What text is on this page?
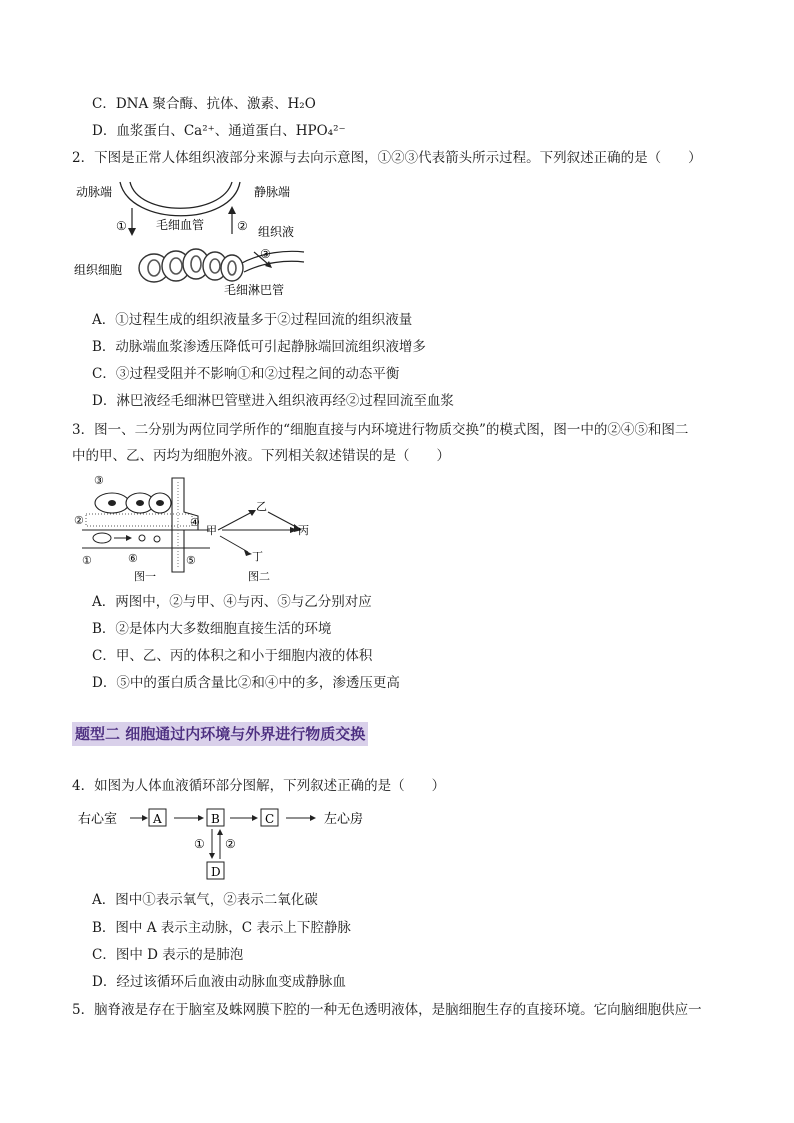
C．DNA 聚合酶、抗体、激素、H₂O
D．血浆蛋白、Ca²⁺、通道蛋白、HPO₄²⁻
2．下图是正常人体组织液部分来源与去向示意图，①②③代表箭头所示过程。下列叙述正确的是（　　）
动脉端	静脉端
毛细血管	组织液
组织细胞
毛细淋巴管
①	②
③
A．①过程生成的组织液量多于②过程回流的组织液量
B．动脉端血浆渗透压降低可引起静脉端回流组织液增多
C．③过程受阻并不影响①和②过程之间的动态平衡
D．淋巴液经毛细淋巴管壁进入组织液再经②过程回流至血浆
3．图一、二分别为两位同学所作的“细胞直接与内环境进行物质交换”的模式图，图一中的②④⑤和图二
中的甲、乙、丙均为细胞外液。下列相关叙述错误的是（　　）
③
②	④
①	⑥	⑤
图一
甲
乙
丙
丁
图二
A．两图中，②与甲、④与丙、⑤与乙分别对应
B．②是体内大多数细胞直接生活的环境
C．甲、乙、丙的体积之和小于细胞内液的体积
D．⑤中的蛋白质含量比②和④中的多，渗透压更高
题型二 细胞通过内环境与外界进行物质交换
4．如图为人体血液循环部分图解，下列叙述正确的是（　　）
右心室	A	B	C	左心房
① ②
D
A．图中①表示氧气，②表示二氧化碳
B．图中 A 表示主动脉，C 表示上下腔静脉
C．图中 D 表示的是肺泡
D．经过该循环后血液由动脉血变成静脉血
5．脑脊液是存在于脑室及蛛网膜下腔的一种无色透明液体，是脑细胞生存的直接环境。它向脑细胞供应一
